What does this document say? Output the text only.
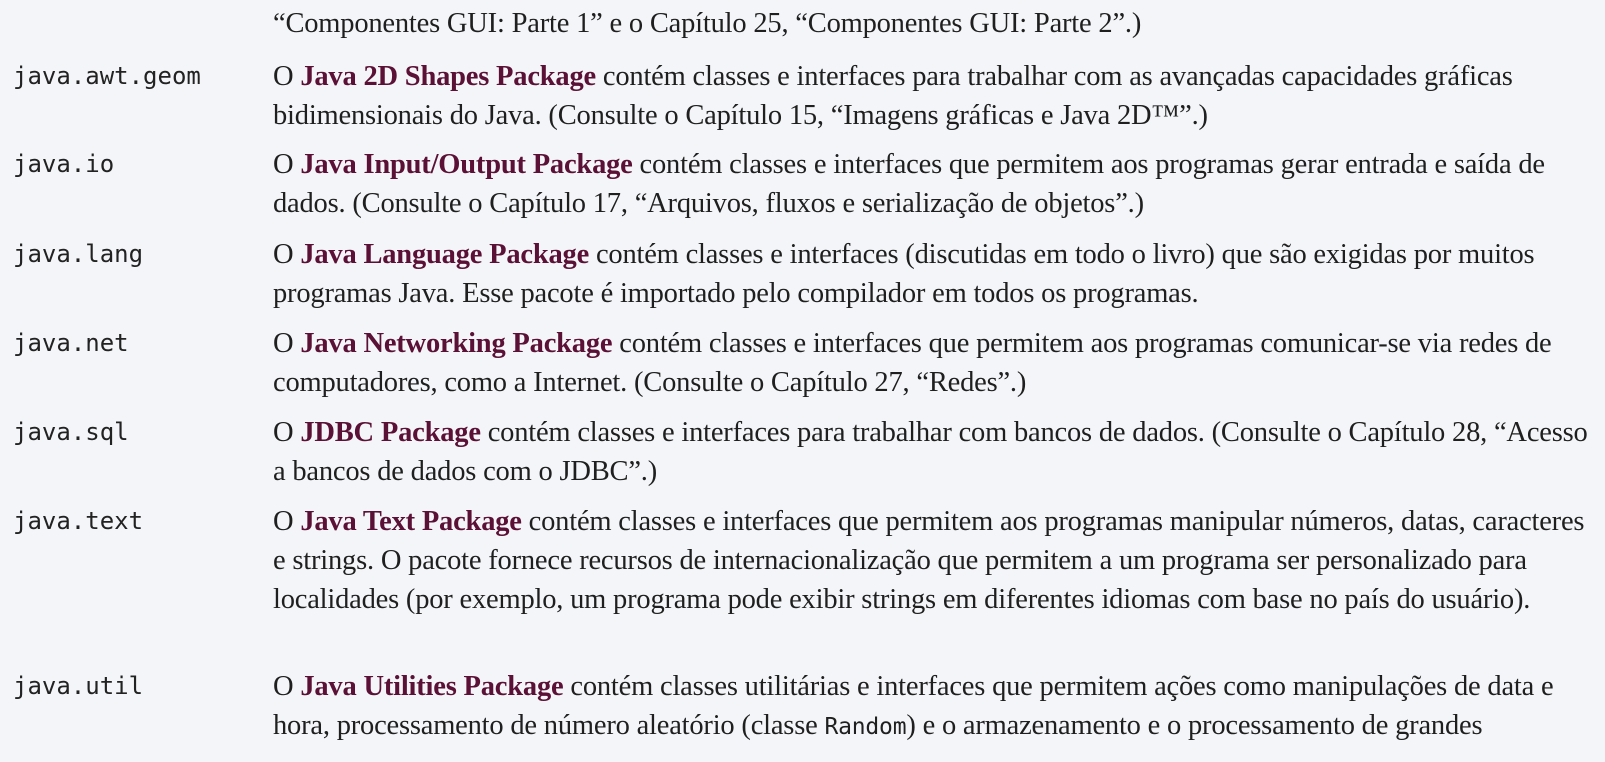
“Componentes GUI: Parte 1” e o Capítulo 25, “Componentes GUI: Parte 2”.)
java.awt.geom	O Java 2D Shapes Package contém classes e interfaces para trabalhar com as avançadas capacidades gráficas bidimensionais do Java. (Consulte o Capítulo 15, “Imagens gráficas e Java 2D™”.)
java.io	O Java Input/Output Package contém classes e interfaces que permitem aos programas gerar entrada e saída de dados. (Consulte o Capítulo 17, “Arquivos, fluxos e serialização de objetos”.)
java.lang	O Java Language Package contém classes e interfaces (discutidas em todo o livro) que são exigidas por muitos programas Java. Esse pacote é importado pelo compilador em todos os programas.
java.net	O Java Networking Package contém classes e interfaces que permitem aos programas comunicar-se via redes de computadores, como a Internet. (Consulte o Capítulo 27, “Redes”.)
java.sql	O JDBC Package contém classes e interfaces para trabalhar com bancos de dados. (Consulte o Capítulo 28, “Acesso a bancos de dados com o JDBC”.)
java.text	O Java Text Package contém classes e interfaces que permitem aos programas manipular números, datas, caracteres e strings. O pacote fornece recursos de internacionalização que permitem a um programa ser personalizado para localidades (por exemplo, um programa pode exibir strings em diferentes idiomas com base no país do usuário).
java.util	O Java Utilities Package contém classes utilitárias e interfaces que permitem ações como manipulações de data e hora, processamento de número aleatório (classe Random) e o armazenamento e o processamento de grandes
